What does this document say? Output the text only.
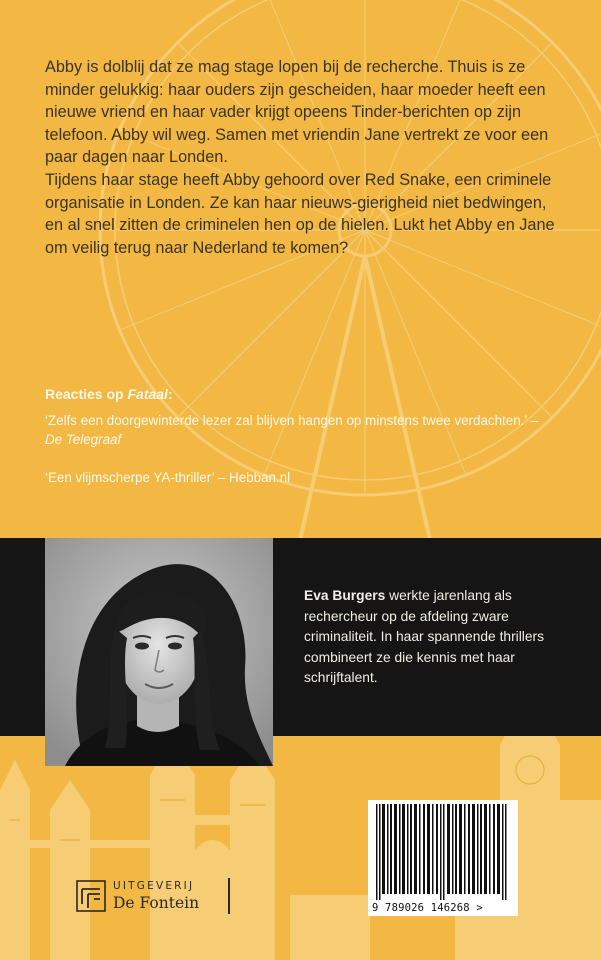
Abby is dolblij dat ze mag stage lopen bij de recherche. Thuis is ze minder gelukkig: haar ouders zijn gescheiden, haar moeder heeft een nieuwe vriend en haar vader krijgt opeens Tinder-berichten op zijn telefoon. Abby wil weg. Samen met vriendin Jane vertrekt ze voor een paar dagen naar Londen.

Tijdens haar stage heeft Abby gehoord over Red Snake, een criminele organisatie in Londen. Ze kan haar nieuws-gierigheid niet bedwingen, en al snel zitten de criminelen hen op de hielen. Lukt het Abby en Jane om veilig terug naar Nederland te komen?

Reacties op Fataal:
‘Zelfs een doorgewinterde lezer zal blijven hangen op minstens twee verdachten.’ – De Telegraaf
‘Een vlijmscherpe YA-thriller’ – Hebban.nl
Eva Burgers werkte jarenlang als rechercheur op de afdeling zware criminaliteit. In haar spannende thrillers combineert ze die kennis met haar schrijftalent.
9 789026 146268 >
UITGEVERIJ
De Fontein
